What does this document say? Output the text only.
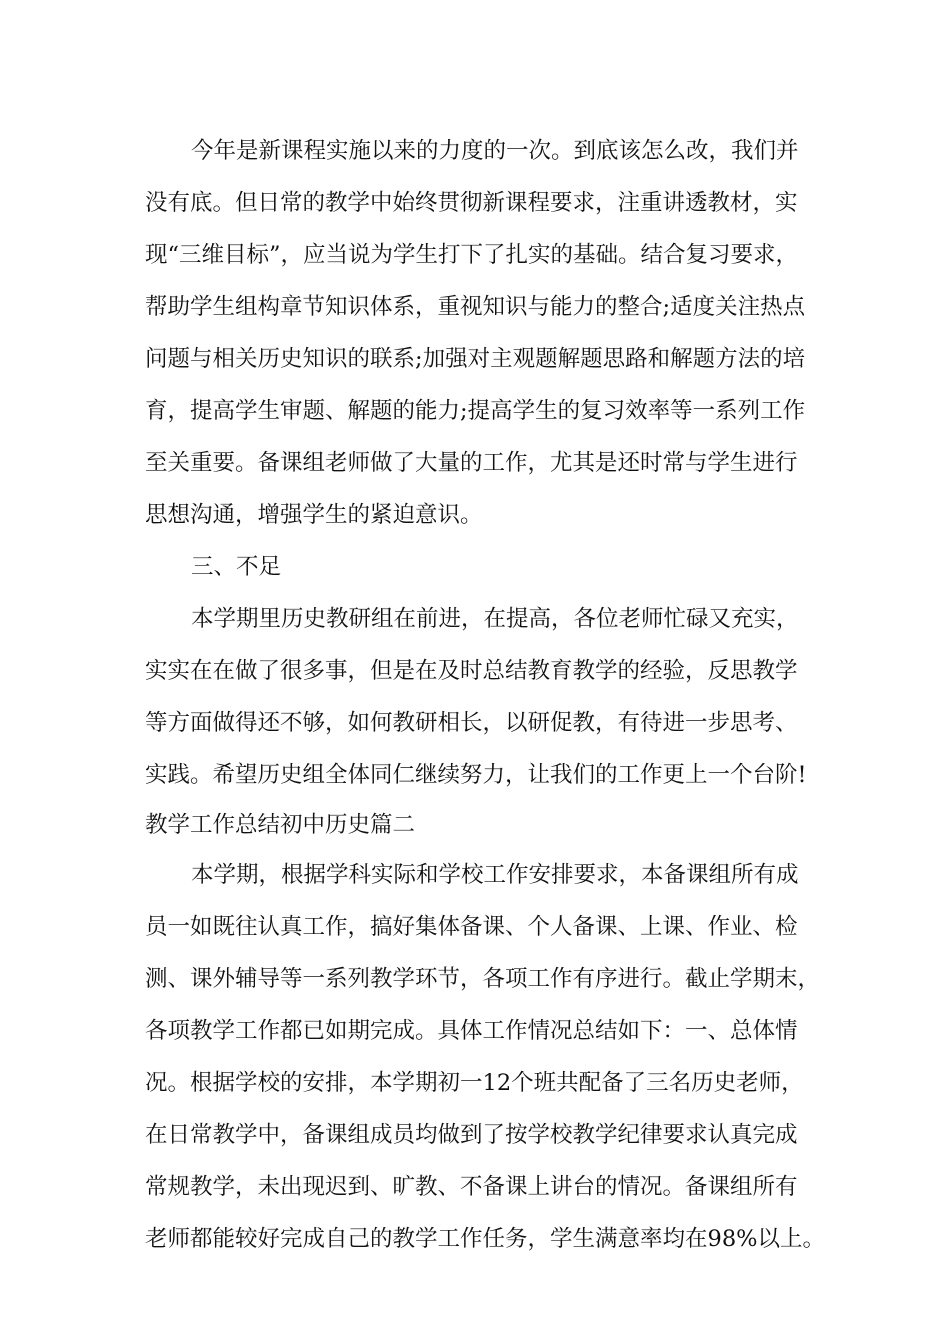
今年是新课程实施以来的力度的一次。到底该怎么改，我们并
没有底。但日常的教学中始终贯彻新课程要求，注重讲透教材，实
现“三维目标”，应当说为学生打下了扎实的基础。结合复习要求，
帮助学生组构章节知识体系，重视知识与能力的整合;适度关注热点
问题与相关历史知识的联系;加强对主观题解题思路和解题方法的培
育，提高学生审题、解题的能力;提高学生的复习效率等一系列工作
至关重要。备课组老师做了大量的工作，尤其是还时常与学生进行
思想沟通，增强学生的紧迫意识。
三、不足
本学期里历史教研组在前进，在提高，各位老师忙碌又充实，
实实在在做了很多事，但是在及时总结教育教学的经验，反思教学
等方面做得还不够，如何教研相长，以研促教，有待进一步思考、
实践。希望历史组全体同仁继续努力，让我们的工作更上一个台阶!
教学工作总结初中历史篇二
本学期，根据学科实际和学校工作安排要求，本备课组所有成
员一如既往认真工作，搞好集体备课、个人备课、上课、作业、检
测、课外辅导等一系列教学环节，各项工作有序进行。截止学期末，
各项教学工作都已如期完成。具体工作情况总结如下：一、总体情
况。根据学校的安排，本学期初一12个班共配备了三名历史老师，
在日常教学中，备课组成员均做到了按学校教学纪律要求认真完成
常规教学，未出现迟到、旷教、不备课上讲台的情况。备课组所有
老师都能较好完成自己的教学工作任务，学生满意率均在98%以上。
